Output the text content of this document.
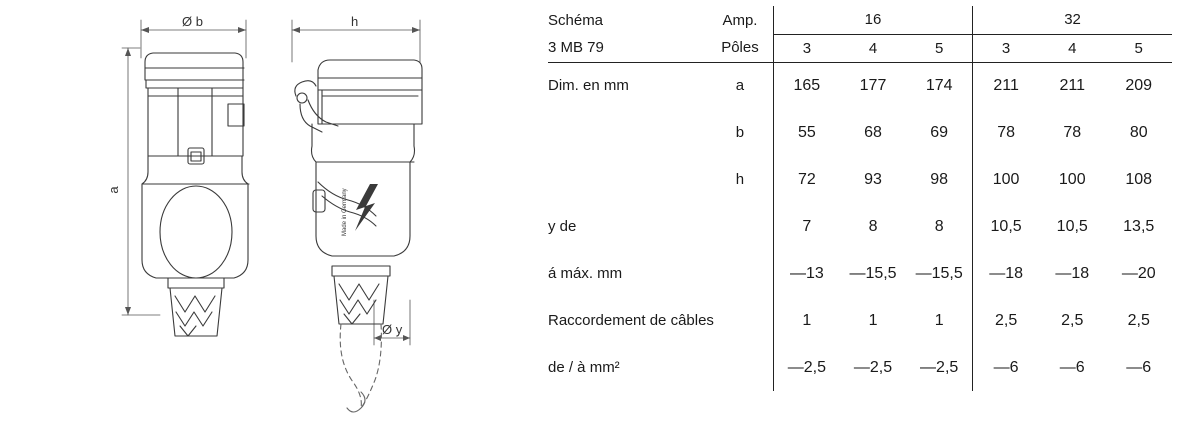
Made in Germany
Ø b	h
a
Ø y
Schéma	Amp.	16			32		
3 MB 79	Pôles	3	4	5	3	4	5
Dim. en mm	a	165	177	174	211	211	209
	b	55	68	69	78	78	80
	h	72	93	98	100	100	108
y de		7	8	8	10,5	10,5	13,5
á máx. mm		—13	—15,5	—15,5	—18	—18	—20
Raccordement de câbles		1	1	1	2,5	2,5	2,5
de / à mm²		—2,5	—2,5	—2,5	—6	—6	—6
